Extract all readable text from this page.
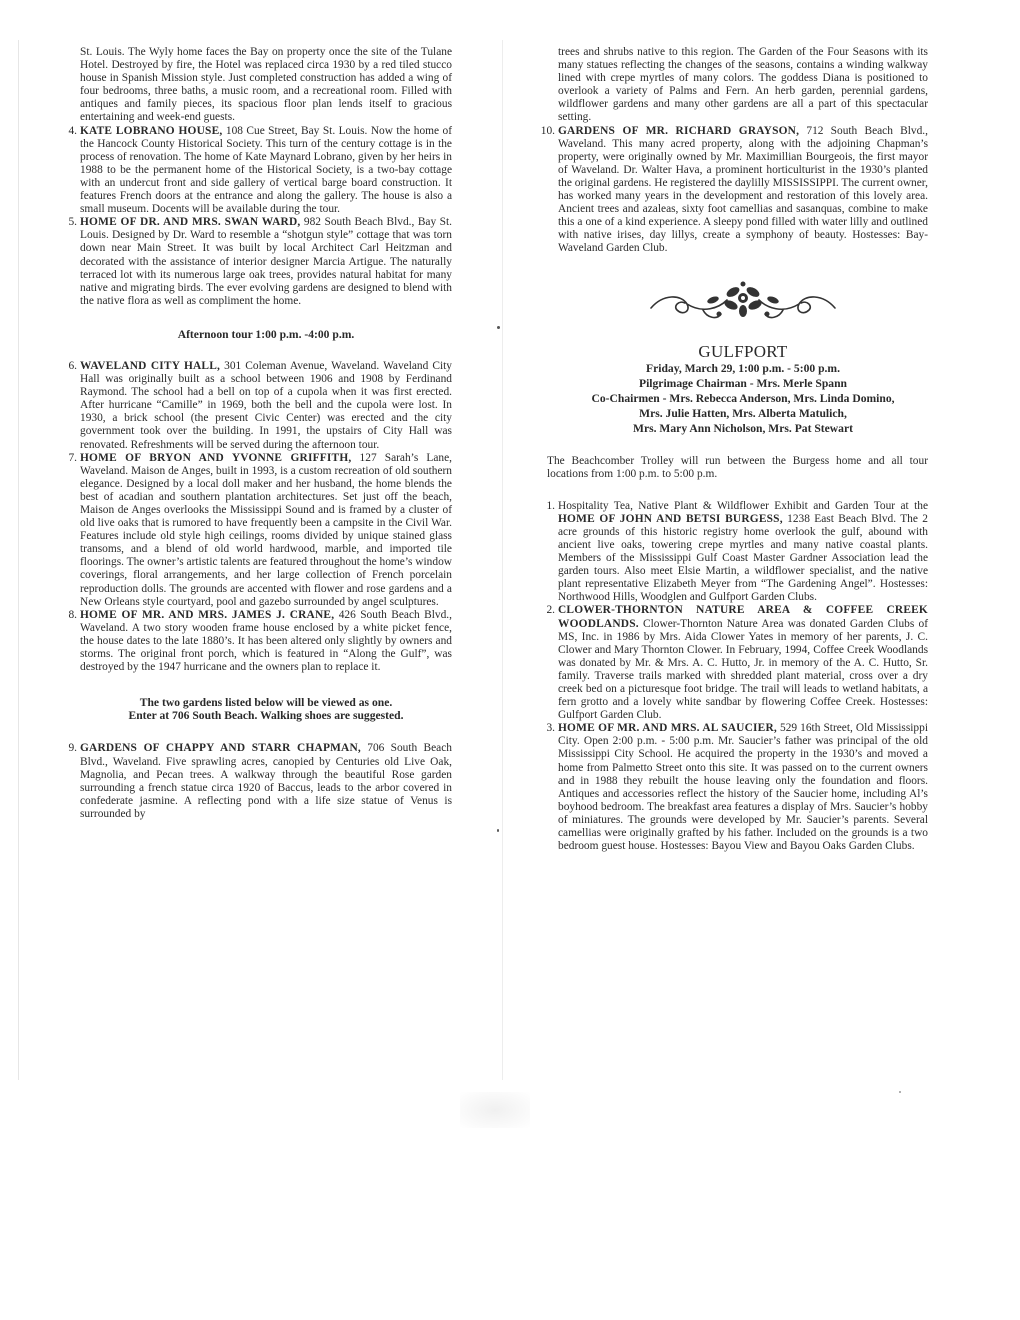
St. Louis. The Wyly home faces the Bay on property once the site of the Tulane Hotel. Destroyed by fire, the Hotel was replaced circa 1930 by a red tiled stucco house in Spanish Mission style. Just completed construction has added a wing of four bedrooms, three baths, a music room, and a recreational room. Filled with antiques and family pieces, its spacious floor plan lends itself to gracious entertaining and week-end guests.

4. KATE LOBRANO HOUSE, 108 Cue Street, Bay St. Louis. Now the home of the Hancock County Historical Society. This turn of the century cottage is in the process of renovation. The home of Kate Maynard Lobrano, given by her heirs in 1988 to be the permanent home of the Historical Society, is a two-bay cottage with an undercut front and side gallery of vertical barge board construction. It features French doors at the entrance and along the gallery. The house is also a small museum. Docents will be available during the tour.
5. HOME OF DR. AND MRS. SWAN WARD, 982 South Beach Blvd., Bay St. Louis. Designed by Dr. Ward to resemble a “shotgun style” cottage that was torn down near Main Street. It was built by local Architect Carl Heitzman and decorated with the assistance of interior designer Marcia Artigue. The naturally terraced lot with its numerous large oak trees, provides natural habitat for many native and migrating birds. The ever evolving gardens are designed to blend with the native flora as well as compliment the home.

Afternoon tour 1:00 p.m. -4:00 p.m.

6. WAVELAND CITY HALL, 301 Coleman Avenue, Waveland. Waveland City Hall was originally built as a school between 1906 and 1908 by Ferdinand Raymond. The school had a bell on top of a cupola when it was first erected. After hurricane “Camille” in 1969, both the bell and the cupola were lost. In 1930, a brick school (the present Civic Center) was erected and the city government took over the building. In 1991, the upstairs of City Hall was renovated. Refreshments will be served during the afternoon tour.
7. HOME OF BRYON AND YVONNE GRIFFITH, 127 Sarah’s Lane, Waveland. Maison de Anges, built in 1993, is a custom recreation of old southern elegance. Designed by a local doll maker and her husband, the home blends the best of acadian and southern plantation architectures. Set just off the beach, Maison de Anges overlooks the Mississippi Sound and is framed by a cluster of old live oaks that is rumored to have frequently been a campsite in the Civil War. Features include old style high ceilings, rooms divided by unique stained glass transoms, and a blend of old world hardwood, marble, and imported tile floorings. The owner’s artistic talents are featured throughout the home’s window coverings, floral arrangements, and her large collection of French porcelain reproduction dolls. The grounds are accented with flower and rose gardens and a New Orleans style courtyard, pool and gazebo surrounded by angel sculptures.
8. HOME OF MR. AND MRS. JAMES J. CRANE, 426 South Beach Blvd., Waveland. A two story wooden frame house enclosed by a white picket fence, the house dates to the late 1880’s. It has been altered only slightly by owners and storms. The original front porch, which is featured in “Along the Gulf”, was destroyed by the 1947 hurricane and the owners plan to replace it.

The two gardens listed below will be viewed as one.

Enter at 706 South Beach. Walking shoes are suggested.

9. GARDENS OF CHAPPY AND STARR CHAPMAN, 706 South Beach Blvd., Waveland. Five sprawling acres, canopied by Centuries old Live Oak, Magnolia, and Pecan trees. A walkway through the beautiful Rose garden surrounding a french statue circa 1920 of Baccus, leads to the arbor covered in confederate jasmine. A reflecting pond with a life size statue of Venus is surrounded by

trees and shrubs native to this region. The Garden of the Four Seasons with its many statues reflecting the changes of the seasons, contains a winding walkway lined with crepe myrtles of many colors. The goddess Diana is positioned to overlook a variety of Palms and Fern. An herb garden, perennial gardens, wildflower gardens and many other gardens are all a part of this spectacular setting.

10. GARDENS OF MR. RICHARD GRAYSON, 712 South Beach Blvd., Waveland. This many acred property, along with the adjoining Chapman’s property, were originally owned by Mr. Maximillian Bourgeois, the first mayor of Waveland. Dr. Walter Hava, a prominent horticulturist in the 1930’s planted the original gardens. He registered the daylilly MISSISSIPPI. The current owner, has worked many years in the development and restoration of this lovely area. Ancient trees and azaleas, sixty foot camellias and sasanquas, combine to make this a one of a kind experience. A sleepy pond filled with water lilly and outlined with native irises, day lillys, create a symphony of beauty. Hostesses: Bay-Waveland Garden Club.

GULFPORT

Friday, March 29, 1:00 p.m. - 5:00 p.m.

Pilgrimage Chairman - Mrs. Merle Spann

Co-Chairmen - Mrs. Rebecca Anderson, Mrs. Linda Domino,

Mrs. Julie Hatten, Mrs. Alberta Matulich,

Mrs. Mary Ann Nicholson, Mrs. Pat Stewart

The Beachcomber Trolley will run between the Burgess home and all tour locations from 1:00 p.m. to 5:00 p.m.

1. Hospitality Tea, Native Plant & Wildflower Exhibit and Garden Tour at the HOME OF JOHN AND BETSI BURGESS, 1238 East Beach Blvd. The 2 acre grounds of this historic registry home overlook the gulf, abound with ancient live oaks, towering crepe myrtles and many native coastal plants. Members of the Mississippi Gulf Coast Master Gardner Association lead the garden tours. Also meet Elsie Martin, a wildflower specialist, and the native plant representative Elizabeth Meyer from “The Gardening Angel”. Hostesses: Northwood Hills, Woodglen and Gulfport Garden Clubs.
2. CLOWER-THORNTON NATURE AREA & COFFEE CREEK WOODLANDS. Clower-Thornton Nature Area was donated Garden Clubs of MS, Inc. in 1986 by Mrs. Aida Clower Yates in memory of her parents, J. C. Clower and Mary Thornton Clower. In February, 1994, Coffee Creek Woodlands was donated by Mr. & Mrs. A. C. Hutto, Jr. in memory of the A. C. Hutto, Sr. family. Traverse trails marked with shredded plant material, cross over a dry creek bed on a picturesque foot bridge. The trail will leads to wetland habitats, a fern grotto and a lovely white sandbar by flowering Coffee Creek. Hostesses: Gulfport Garden Club.
3. HOME OF MR. AND MRS. AL SAUCIER, 529 16th Street, Old Mississippi City. Open 2:00 p.m. - 5:00 p.m. Mr. Saucier’s father was principal of the old Mississippi City School. He acquired the property in the 1930’s and moved a home from Palmetto Street onto this site. It was passed on to the current owners and in 1988 they rebuilt the house leaving only the foundation and floors. Antiques and accessories reflect the history of the Saucier home, including Al’s boyhood bedroom. The breakfast area features a display of Mrs. Saucier’s hobby of miniatures. The grounds were developed by Mr. Saucier’s parents. Several camellias were originally grafted by his father. Included on the grounds is a two bedroom guest house. Hostesses: Bayou View and Bayou Oaks Garden Clubs.
